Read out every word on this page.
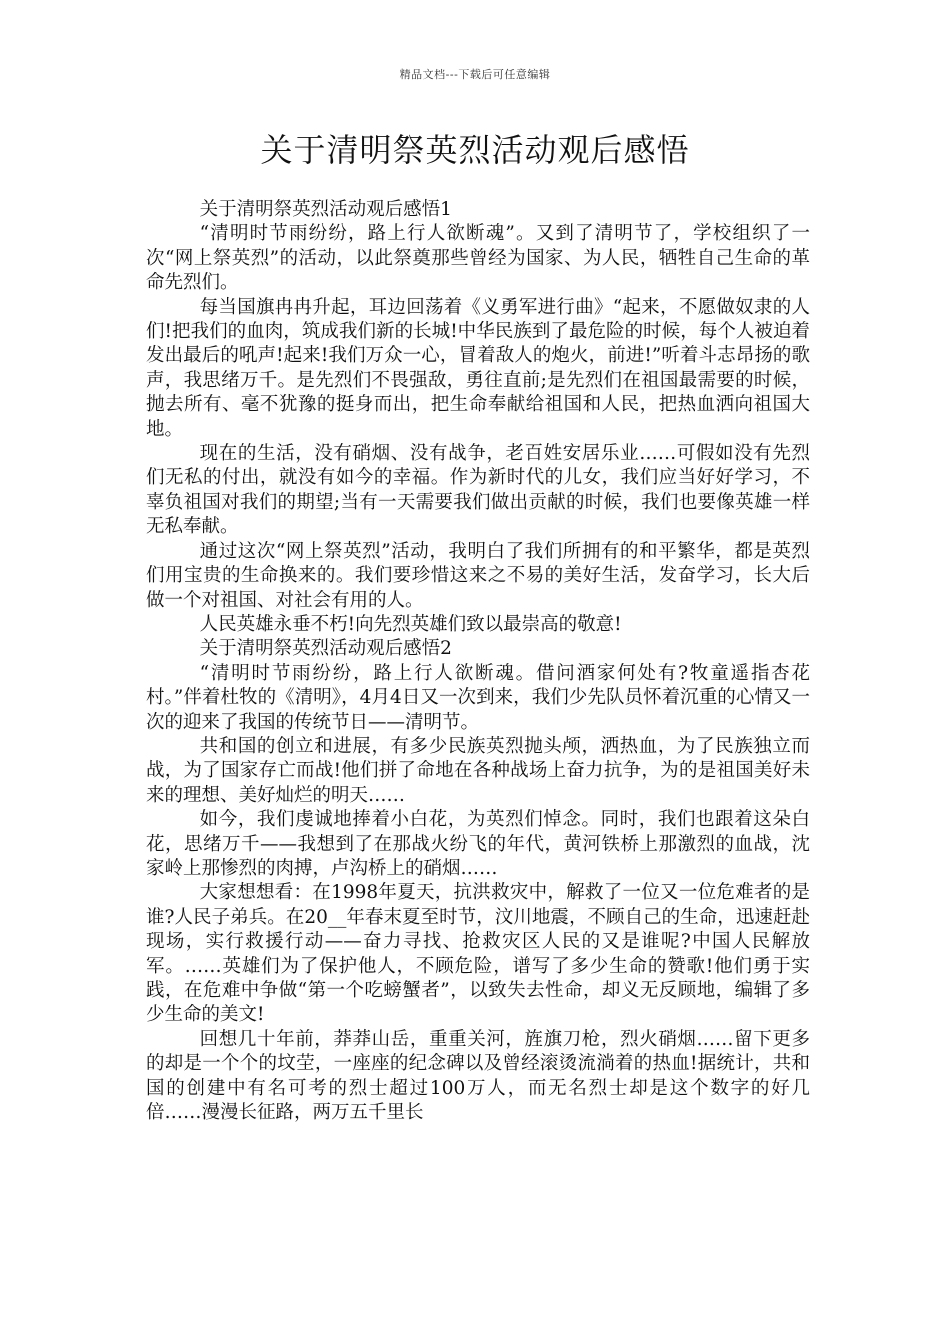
精品文档---下载后可任意编辑
关于清明祭英烈活动观后感悟

关于清明祭英烈活动观后感悟1

“清明时节雨纷纷，路上行人欲断魂”。又到了清明节了，学校组织了一次“网上祭英烈”的活动，以此祭奠那些曾经为国家、为人民，牺牲自己生命的革命先烈们。

每当国旗冉冉升起，耳边回荡着《义勇军进行曲》“起来，不愿做奴隶的人们!把我们的血肉，筑成我们新的长城!中华民族到了最危险的时候，每个人被迫着发出最后的吼声!起来!我们万众一心，冒着敌人的炮火，前进!”听着斗志昂扬的歌声，我思绪万千。是先烈们不畏强敌，勇往直前;是先烈们在祖国最需要的时候，抛去所有、毫不犹豫的挺身而出，把生命奉献给祖国和人民，把热血洒向祖国大地。

现在的生活，没有硝烟、没有战争，老百姓安居乐业……可假如没有先烈们无私的付出，就没有如今的幸福。作为新时代的儿女，我们应当好好学习，不辜负祖国对我们的期望;当有一天需要我们做出贡献的时候，我们也要像英雄一样无私奉献。

通过这次“网上祭英烈”活动，我明白了我们所拥有的和平繁华，都是英烈们用宝贵的生命换来的。我们要珍惜这来之不易的美好生活，发奋学习，长大后做一个对祖国、对社会有用的人。

人民英雄永垂不朽!向先烈英雄们致以最崇高的敬意!

关于清明祭英烈活动观后感悟2

“清明时节雨纷纷，路上行人欲断魂。借问酒家何处有?牧童遥指杏花村。”伴着杜牧的《清明》，4月4日又一次到来，我们少先队员怀着沉重的心情又一次的迎来了我国的传统节日——清明节。

共和国的创立和进展，有多少民族英烈抛头颅，洒热血，为了民族独立而战，为了国家存亡而战!他们拼了命地在各种战场上奋力抗争，为的是祖国美好未来的理想、美好灿烂的明天……

如今，我们虔诚地捧着小白花，为英烈们悼念。同时，我们也跟着这朵白花，思绪万千——我想到了在那战火纷飞的年代，黄河铁桥上那激烈的血战，沈家岭上那惨烈的肉搏，卢沟桥上的硝烟……

大家想想看：在1998年夏天，抗洪救灾中，解救了一位又一位危难者的是谁?人民子弟兵。在20__年春末夏至时节，汶川地震，不顾自己的生命，迅速赶赴现场，实行救援行动——奋力寻找、抢救灾区人民的又是谁呢?中国人民解放军。……英雄们为了保护他人，不顾危险，谱写了多少生命的赞歌!他们勇于实践，在危难中争做“第一个吃螃蟹者”，以致失去性命，却义无反顾地，编辑了多少生命的美文!

回想几十年前，莽莽山岳，重重关河，旌旗刀枪，烈火硝烟……留下更多的却是一个个的坟茔，一座座的纪念碑以及曾经滚烫流淌着的热血!据统计，共和国的创建中有名可考的烈士超过100万人，而无名烈士却是这个数字的好几倍……漫漫长征路，两万五千里长
